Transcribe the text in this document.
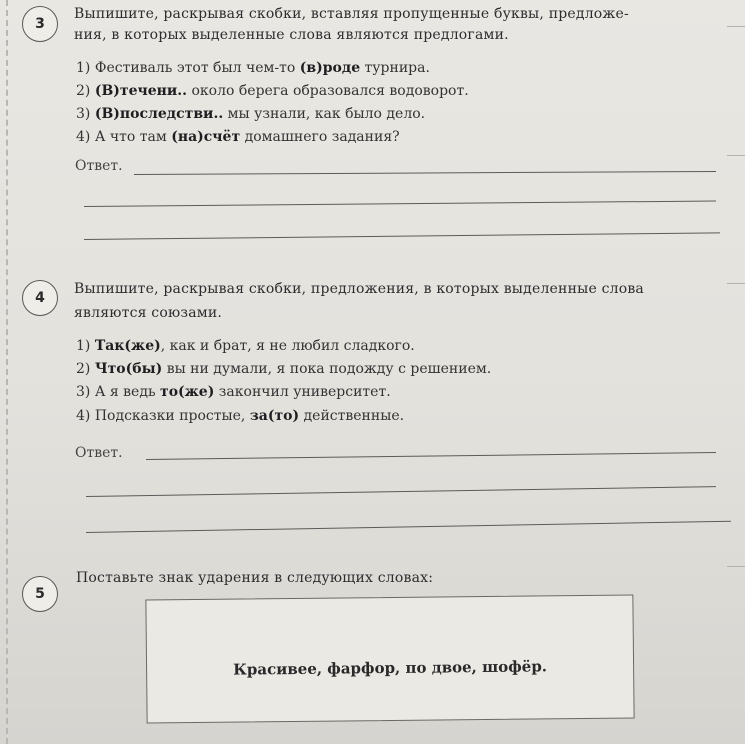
3
Выпишите, раскрывая скобки, вставляя пропущенные буквы, предложе-
ния, в которых выделенные слова являются предлогами.
1) Фестиваль этот был чем-то (в)роде турнира.
2) (В)течени.. около берега образовался водоворот.
3) (В)последстви.. мы узнали, как было дело.
4) А что там (на)счёт домашнего задания?
Ответ.
4
Выпишите, раскрывая скобки, предложения, в которых выделенные слова
являются союзами.
1) Так(же), как и брат, я не любил сладкого.
2) Что(бы) вы ни думали, я пока подожду с решением.
3) А я ведь то(же) закончил университет.
4) Подсказки простые, за(то) действенные.
Ответ.
5
Поставьте знак ударения в следующих словах:
Красивее, фарфор, по двое, шофёр.
